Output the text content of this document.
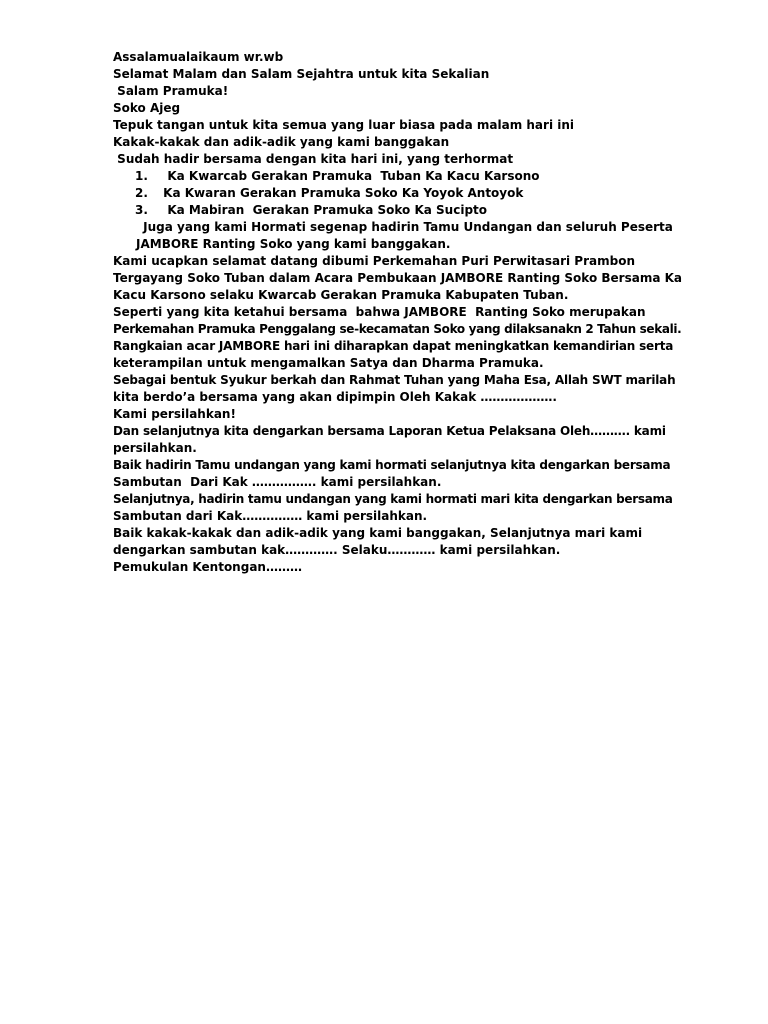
Assalamualaikaum wr.wb
Selamat Malam dan Salam Sejahtra untuk kita Sekalian
Salam Pramuka!
Soko Ajeg
Tepuk tangan untuk kita semua yang luar biasa pada malam hari ini
Kakak-kakak dan adik-adik yang kami banggakan
Sudah hadir bersama dengan kita hari ini, yang terhormat
1. Ka Kwarcab Gerakan Pramuka  Tuban Ka Kacu Karsono
2. Ka Kwaran Gerakan Pramuka Soko Ka Yoyok Antoyok
3. Ka Mabiran  Gerakan Pramuka Soko Ka Sucipto
Juga yang kami Hormati segenap hadirin Tamu Undangan dan seluruh Peserta
JAMBORE Ranting Soko yang kami banggakan.
Kami ucapkan selamat datang dibumi Perkemahan Puri Perwitasari Prambon
Tergayang Soko Tuban dalam Acara Pembukaan JAMBORE Ranting Soko Bersama Ka
Kacu Karsono selaku Kwarcab Gerakan Pramuka Kabupaten Tuban.
Seperti yang kita ketahui bersama  bahwa JAMBORE  Ranting Soko merupakan
Perkemahan Pramuka Penggalang se-kecamatan Soko yang dilaksanakn 2 Tahun sekali.
Rangkaian acar JAMBORE hari ini diharapkan dapat meningkatkan kemandirian serta
keterampilan untuk mengamalkan Satya dan Dharma Pramuka.
Sebagai bentuk Syukur berkah dan Rahmat Tuhan yang Maha Esa, Allah SWT marilah
kita berdo’a bersama yang akan dipimpin Oleh Kakak ……………….
Kami persilahkan!
Dan selanjutnya kita dengarkan bersama Laporan Ketua Pelaksana Oleh………. kami
persilahkan.
Baik hadirin Tamu undangan yang kami hormati selanjutnya kita dengarkan bersama
Sambutan  Dari Kak ……………. kami persilahkan.
Selanjutnya, hadirin tamu undangan yang kami hormati mari kita dengarkan bersama
Sambutan dari Kak…………… kami persilahkan.
Baik kakak-kakak dan adik-adik yang kami banggakan, Selanjutnya mari kami
dengarkan sambutan kak…………. Selaku………… kami persilahkan.
Pemukulan Kentongan………
